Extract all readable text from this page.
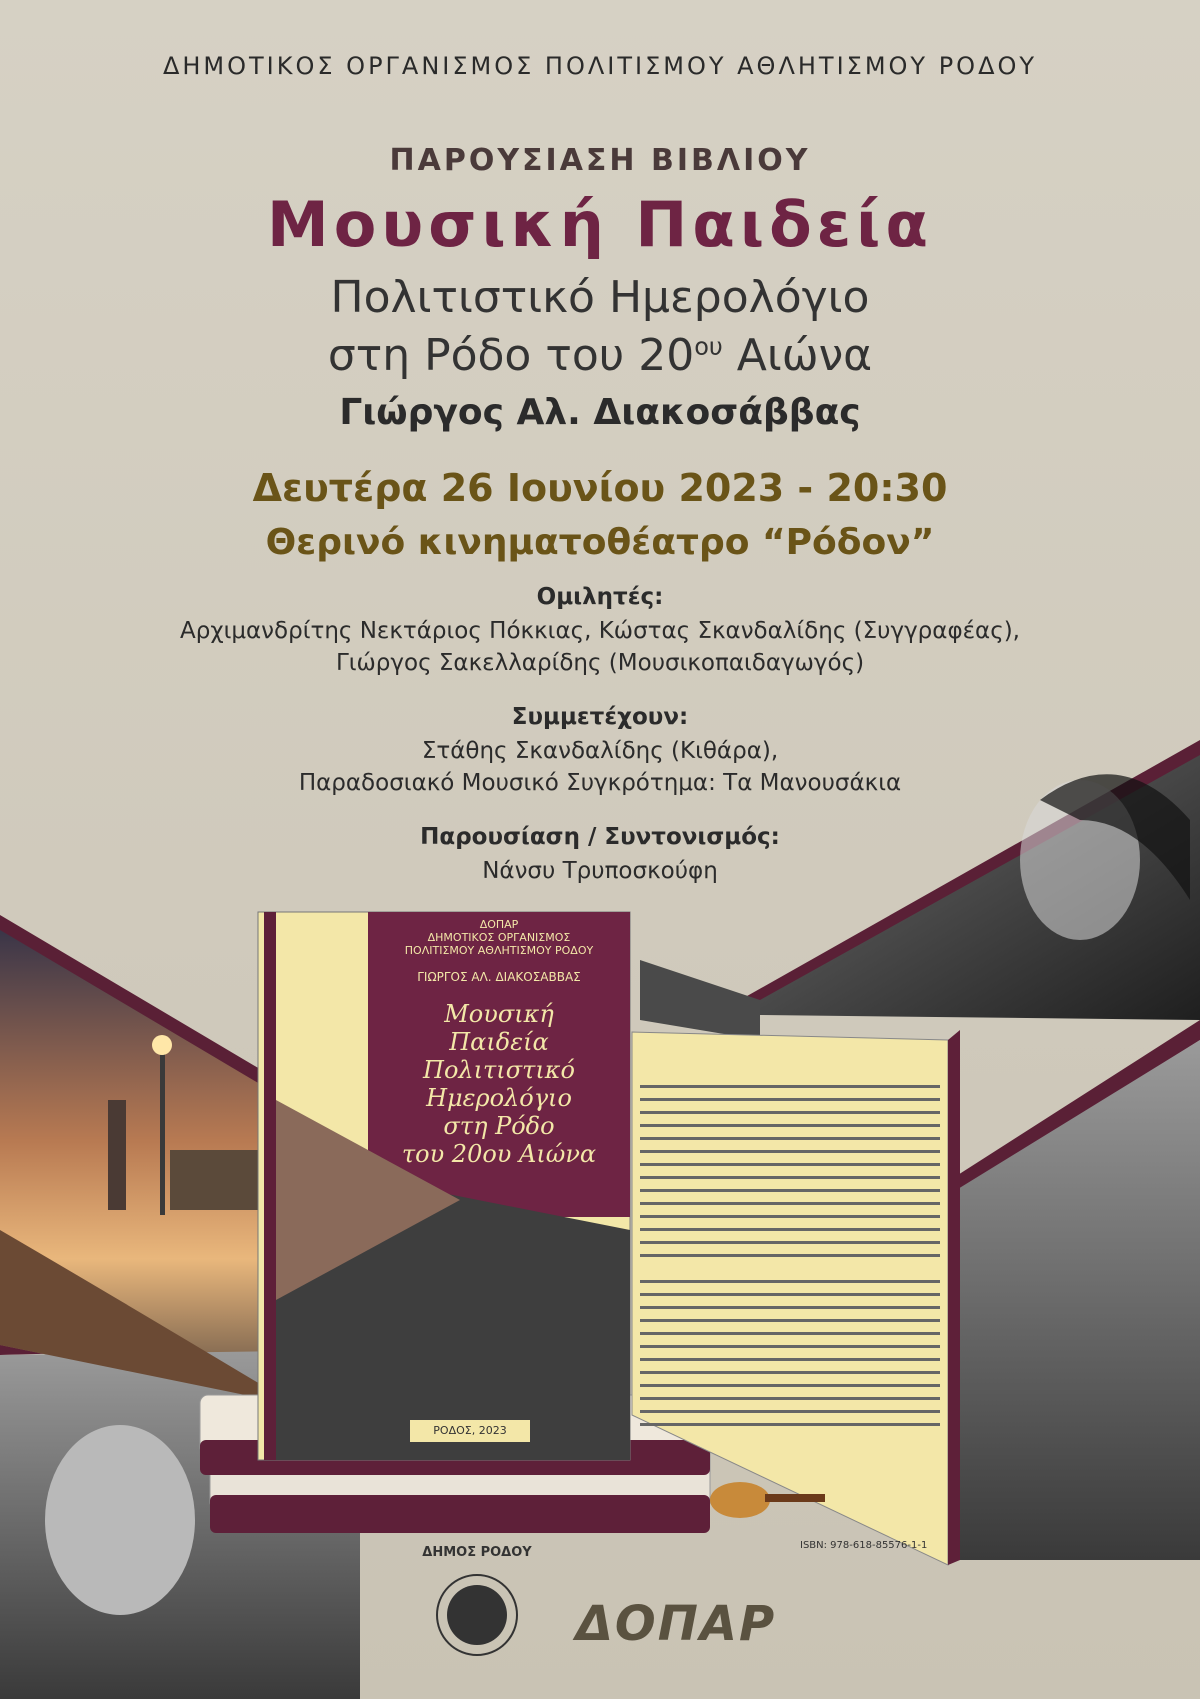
ΔΗΜΟΤΙΚΟΣ ΟΡΓΑΝΙΣΜΟΣ ΠΟΛΙΤΙΣΜΟΥ ΑΘΛΗΤΙΣΜΟΥ ΡΟΔΟΥ
ΠΑΡΟΥΣΙΑΣΗ ΒΙΒΛΙΟΥ
Μουσική Παιδεία
Πολιτιστικό Ημερολόγιο
στη Ρόδο του $20^{o\upsilon}$ Αιώνα
Γιώργος Αλ. Διακοσάββας
Δευτέρα 26 Ιουνίου 2023 - 20:30
Θερινό κινηματοθέατρο “Ρόδον”
Ομιλητές:
Αρχιμανδρίτης Νεκτάριος Πόκκιας, Κώστας Σκανδαλίδης (Συγγραφέας),
Γιώργος Σακελλαρίδης (Μουσικοπαιδαγωγός)
Συμμετέχουν:
Στάθης Σκανδαλίδης (Κιθάρα),
Παραδοσιακό Μουσικό Συγκρότημα: Τα Μανουσάκια
Παρουσίαση / Συντονισμός:
Νάνσυ Τρυποσκούφη
ΔΟΠΑΡ
ΔΗΜΟΤΙΚΟΣ ΟΡΓΑΝΙΣΜΟΣ
ΠΟΛΙΤΙΣΜΟΥ ΑΘΛΗΤΙΣΜΟΥ ΡΟΔΟΥ
ΓΙΩΡΓΟΣ ΑΛ. ΔΙΑΚΟΣΑΒΒΑΣ
Μουσική
Παιδεία
Πολιτιστικό
Ημερολόγιο
στη Ρόδο
του 20ου Αιώνα
ΡΟΔΟΣ, 2023
ISBN: 978-618-85576-1-1
ΔΗΜΟΣ ΡΟΔΟΥ
ΔΟΠΑΡ
